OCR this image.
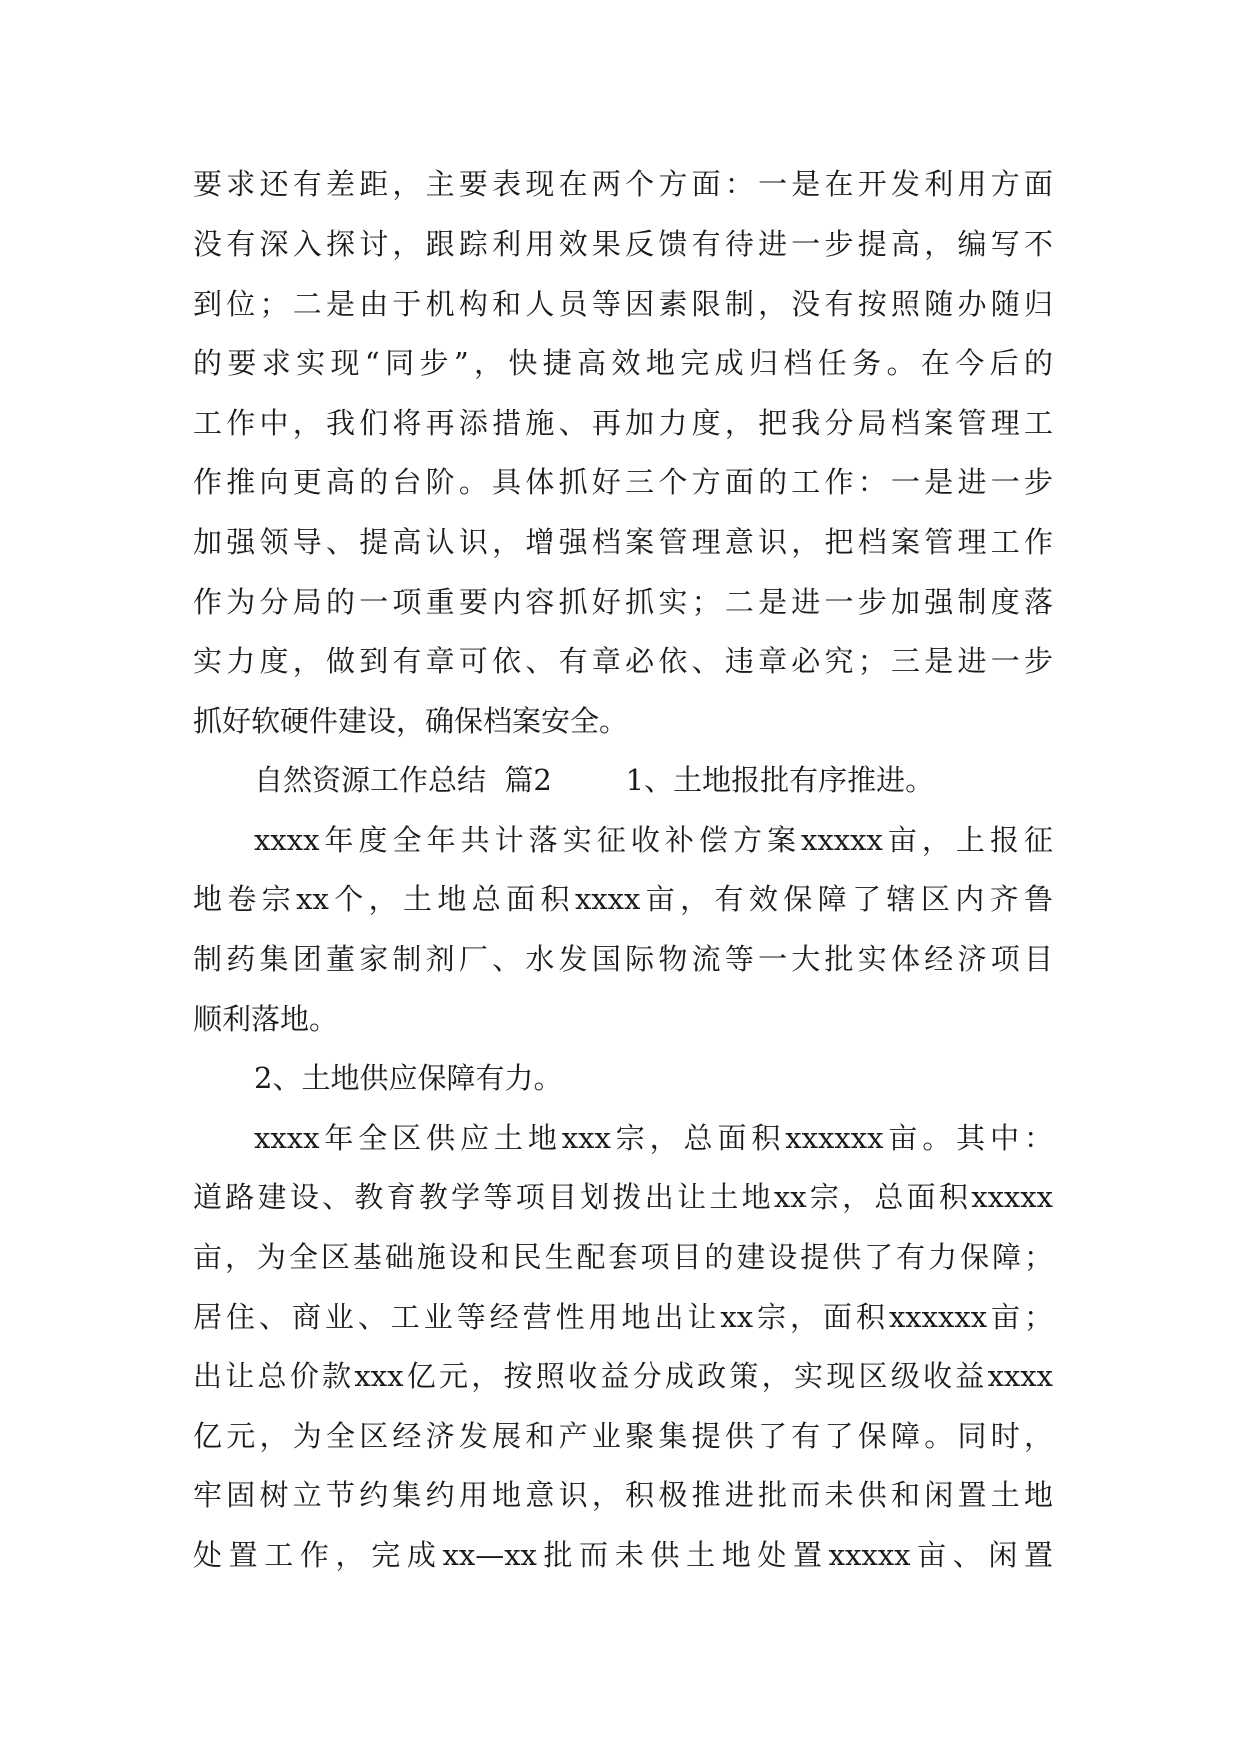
要求还有差距，主要表现在两个方面：一是在开发利用方面
没有深入探讨，跟踪利用效果反馈有待进一步提高，编写不
到位；二是由于机构和人员等因素限制，没有按照随办随归
的要求实现“同步”，快捷高效地完成归档任务。在今后的
工作中，我们将再添措施、再加力度，把我分局档案管理工
作推向更高的台阶。具体抓好三个方面的工作：一是进一步
加强领导、提高认识，增强档案管理意识，把档案管理工作
作为分局的一项重要内容抓好抓实；二是进一步加强制度落
实力度，做到有章可依、有章必依、违章必究；三是进一步
抓好软硬件建设，确保档案安全。
自然资源工作总结  篇2        1、土地报批有序推进。
xxxx年度全年共计落实征收补偿方案xxxxx亩，上报征
地卷宗xx个，土地总面积xxxx亩，有效保障了辖区内齐鲁
制药集团董家制剂厂、水发国际物流等一大批实体经济项目
顺利落地。
2、土地供应保障有力。
xxxx年全区供应土地xxx宗，总面积xxxxxx亩。其中：
道路建设、教育教学等项目划拨出让土地xx宗，总面积xxxxx
亩，为全区基础施设和民生配套项目的建设提供了有力保障；
居住、商业、工业等经营性用地出让xx宗，面积xxxxxx亩；
出让总价款xxx亿元，按照收益分成政策，实现区级收益xxxx
亿元，为全区经济发展和产业聚集提供了有了保障。同时，
牢固树立节约集约用地意识，积极推进批而未供和闲置土地
处置工作，完成xx—xx批而未供土地处置xxxxx亩、闲置
